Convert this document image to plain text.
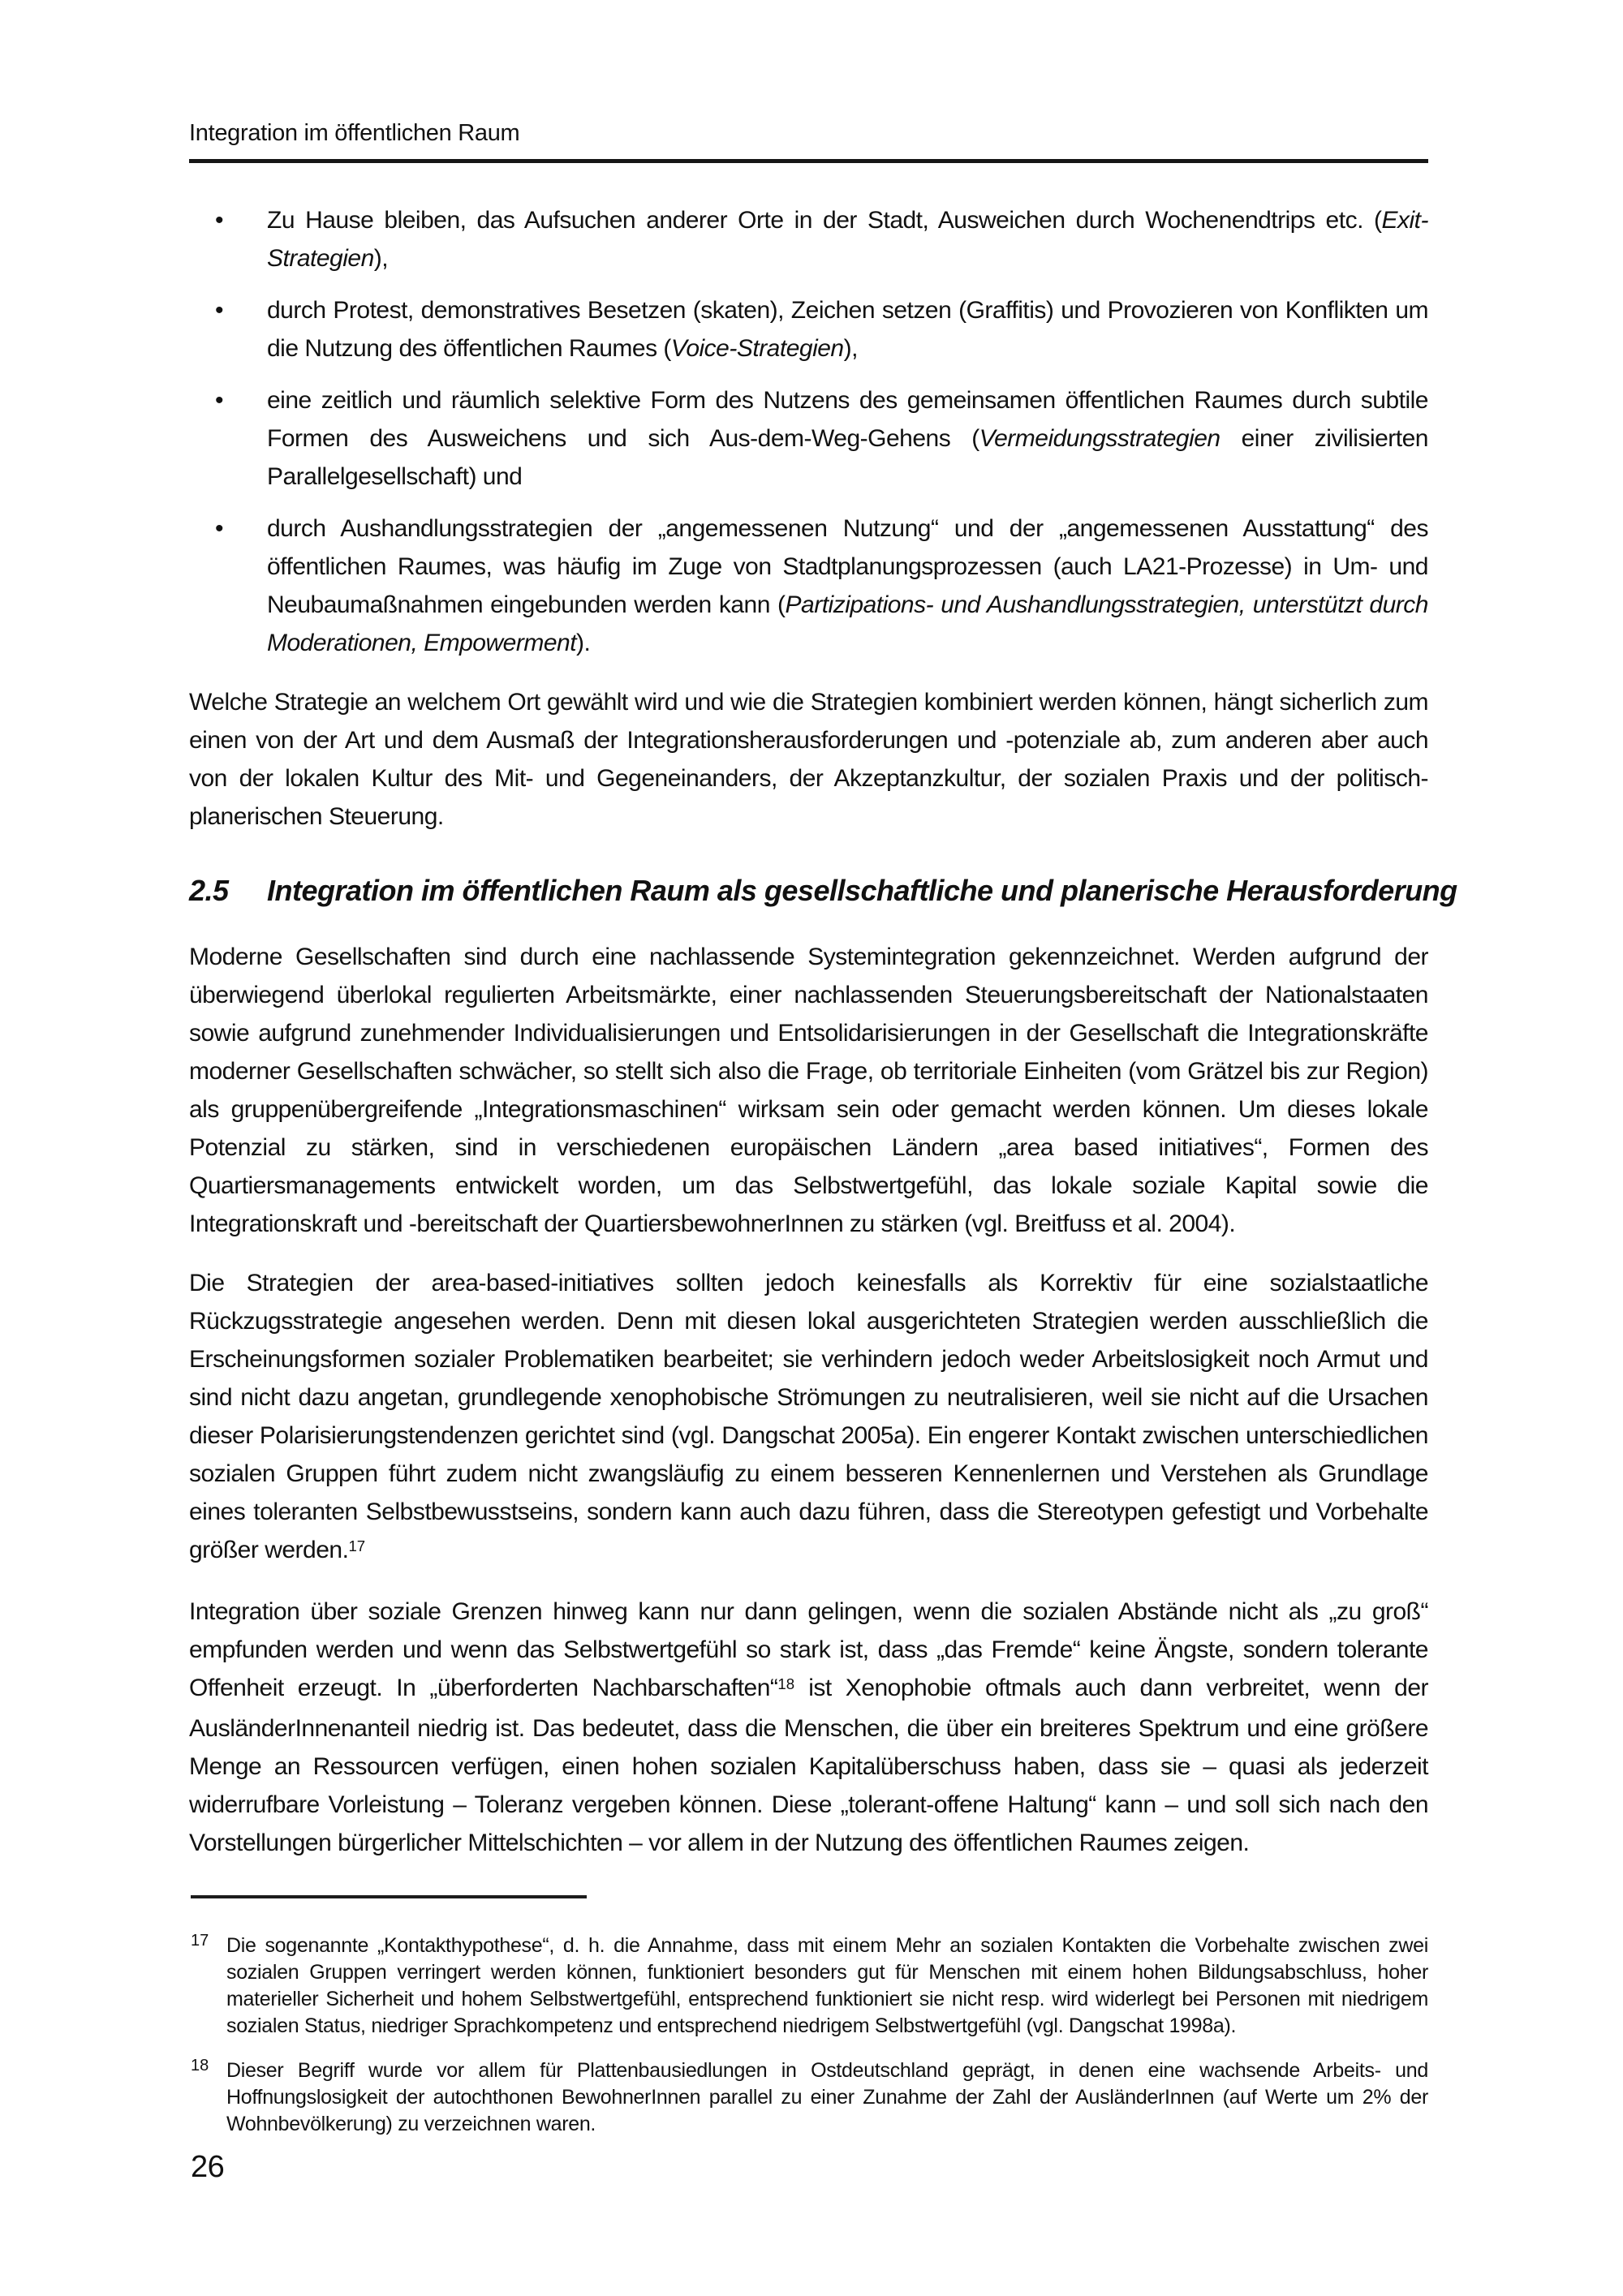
Integration im öffentlichen Raum
• Zu Hause bleiben, das Aufsuchen anderer Orte in der Stadt, Ausweichen durch Wochenendtrips etc. (Exit-Strategien),
• durch Protest, demonstratives Besetzen (skaten), Zeichen setzen (Graffitis) und Provozieren von Konflikten um die Nutzung des öffentlichen Raumes (Voice-Strategien),
• eine zeitlich und räumlich selektive Form des Nutzens des gemeinsamen öffentlichen Raumes durch subtile Formen des Ausweichens und sich Aus-dem-Weg-Gehens (Vermeidungsstrategien einer zivilisierten Parallelgesellschaft) und
• durch Aushandlungsstrategien der „angemessenen Nutzung“ und der „angemessenen Ausstattung“ des öffentlichen Raumes, was häufig im Zuge von Stadtplanungsprozessen (auch LA21-Prozesse) in Um- und Neubaumaßnahmen eingebunden werden kann (Partizipations- und Aushandlungsstrategien, unterstützt durch Moderationen, Empowerment).

Welche Strategie an welchem Ort gewählt wird und wie die Strategien kombiniert werden können, hängt sicherlich zum einen von der Art und dem Ausmaß der Integrationsherausforderungen und -potenziale ab, zum anderen aber auch von der lokalen Kultur des Mit- und Gegeneinanders, der Akzeptanzkultur, der sozialen Praxis und der politisch-planerischen Steuerung.

2.5 Integration im öffentlichen Raum als gesellschaftliche und planerische Herausforderung

Moderne Gesellschaften sind durch eine nachlassende Systemintegration gekennzeichnet. Werden aufgrund der überwiegend überlokal regulierten Arbeitsmärkte, einer nachlassenden Steuerungsbereitschaft der Nationalstaaten sowie aufgrund zunehmender Individualisierungen und Entsolidarisierungen in der Gesellschaft die Integrationskräfte moderner Gesellschaften schwächer, so stellt sich also die Frage, ob territoriale Einheiten (vom Grätzel bis zur Region) als gruppenübergreifende „Integrationsmaschinen“ wirksam sein oder gemacht werden können. Um dieses lokale Potenzial zu stärken, sind in verschiedenen europäischen Ländern „area based initiatives“, Formen des Quartiersmanagements entwickelt worden, um das Selbstwertgefühl, das lokale soziale Kapital sowie die Integrationskraft und -bereitschaft der QuartiersbewohnerInnen zu stärken (vgl. Breitfuss et al. 2004).

Die Strategien der area-based-initiatives sollten jedoch keinesfalls als Korrektiv für eine sozialstaatliche Rückzugsstrategie angesehen werden. Denn mit diesen lokal ausgerichteten Strategien werden ausschließlich die Erscheinungsformen sozialer Problematiken bearbeitet; sie verhindern jedoch weder Arbeitslosigkeit noch Armut und sind nicht dazu angetan, grundlegende xenophobische Strömungen zu neutralisieren, weil sie nicht auf die Ursachen dieser Polarisierungstendenzen gerichtet sind (vgl. Dangschat 2005a). Ein engerer Kontakt zwischen unterschiedlichen sozialen Gruppen führt zudem nicht zwangsläufig zu einem besseren Kennenlernen und Verstehen als Grundlage eines toleranten Selbstbewusstseins, sondern kann auch dazu führen, dass die Stereotypen gefestigt und Vorbehalte größer werden.$^{17}$

Integration über soziale Grenzen hinweg kann nur dann gelingen, wenn die sozialen Abstände nicht als „zu groß“ empfunden werden und wenn das Selbstwertgefühl so stark ist, dass „das Fremde“ keine Ängste, sondern tolerante Offenheit erzeugt. In „überforderten Nachbarschaften“$^{18}$ ist Xenophobie oftmals auch dann verbreitet, wenn der AusländerInnenanteil niedrig ist. Das bedeutet, dass die Menschen, die über ein breiteres Spektrum und eine größere Menge an Ressourcen verfügen, einen hohen sozialen Kapitalüberschuss haben, dass sie – quasi als jederzeit widerrufbare Vorleistung – Toleranz vergeben können. Diese „tolerant-offene Haltung“ kann – und soll sich nach den Vorstellungen bürgerlicher Mittelschichten – vor allem in der Nutzung des öffentlichen Raumes zeigen.

17 Die sogenannte „Kontakthypothese“, d. h. die Annahme, dass mit einem Mehr an sozialen Kontakten die Vorbehalte zwischen zwei sozialen Gruppen verringert werden können, funktioniert besonders gut für Menschen mit einem hohen Bildungsabschluss, hoher materieller Sicherheit und hohem Selbstwertgefühl, entsprechend funktioniert sie nicht resp. wird widerlegt bei Personen mit niedrigem sozialen Status, niedriger Sprachkompetenz und entsprechend niedrigem Selbstwertgefühl (vgl. Dangschat 1998a).
18 Dieser Begriff wurde vor allem für Plattenbausiedlungen in Ostdeutschland geprägt, in denen eine wachsende Arbeits- und Hoffnungslosigkeit der autochthonen BewohnerInnen parallel zu einer Zunahme der Zahl der AusländerInnen (auf Werte um 2% der Wohnbevölkerung) zu verzeichnen waren.
26
